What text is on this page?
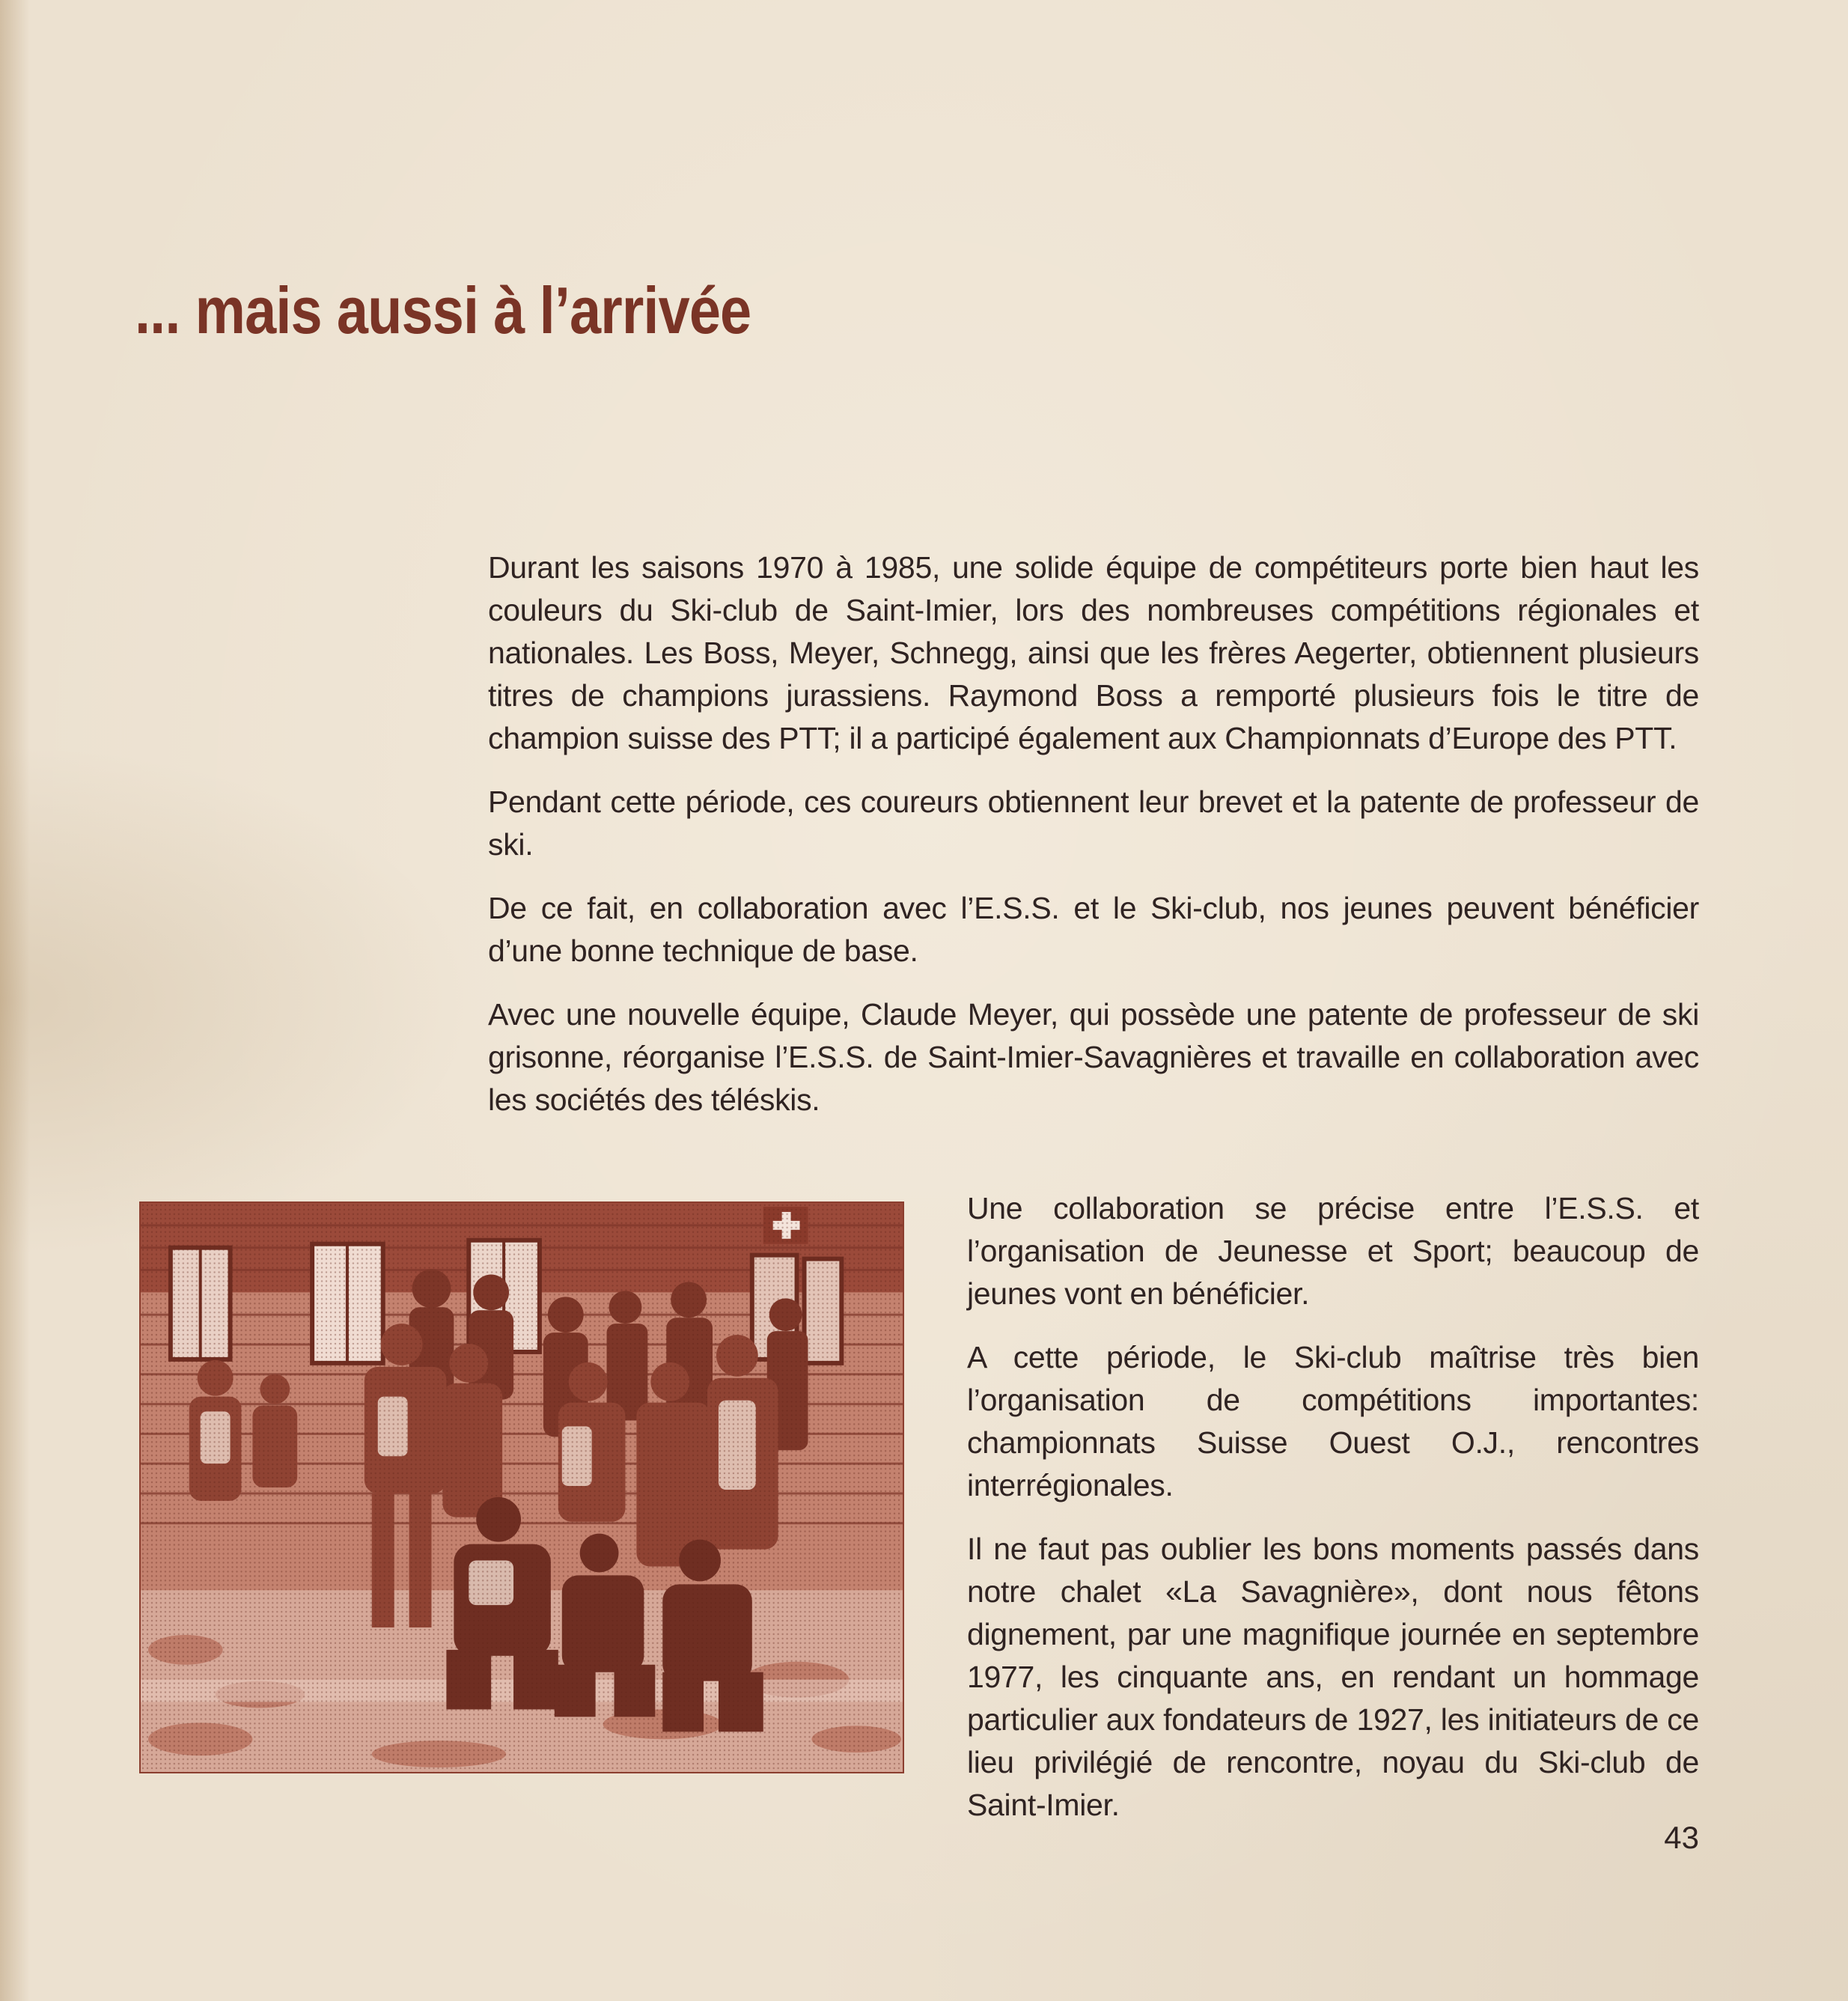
... mais aussi à l’arrivée

Durant les saisons 1970 à 1985, une solide équipe de compétiteurs porte bien haut les couleurs du Ski-club de Saint-Imier, lors des nombreuses compétitions régionales et nationales. Les Boss, Meyer, Schnegg, ainsi que les frères Aegerter, obtiennent plusieurs titres de champions jurassiens. Raymond Boss a remporté plusieurs fois le titre de champion suisse des PTT; il a participé également aux Championnats d’Europe des PTT.

Pendant cette période, ces coureurs obtiennent leur brevet et la patente de professeur de ski.

De ce fait, en collaboration avec l’E.S.S. et le Ski-club, nos jeunes peuvent bénéficier d’une bonne technique de base.

Avec une nouvelle équipe, Claude Meyer, qui possède une patente de professeur de ski grisonne, réorganise l’E.S.S. de Saint-Imier-Savagnières et travaille en collaboration avec les sociétés des téléskis.

Une collaboration se précise entre l’E.S.S. et l’organisation de Jeunesse et Sport; beaucoup de jeunes vont en bénéficier.

A cette période, le Ski-club maîtrise très bien l’organisation de compétitions importantes: championnats Suisse Ouest O.J., rencontres interrégionales.

Il ne faut pas oublier les bons moments passés dans notre chalet «La Savagnière», dont nous fêtons dignement, par une magnifique journée en septembre 1977, les cinquante ans, en rendant un hommage particulier aux fondateurs de 1927, les initiateurs de ce lieu privilégié de rencontre, noyau du Ski-club de Saint-Imier.

43
